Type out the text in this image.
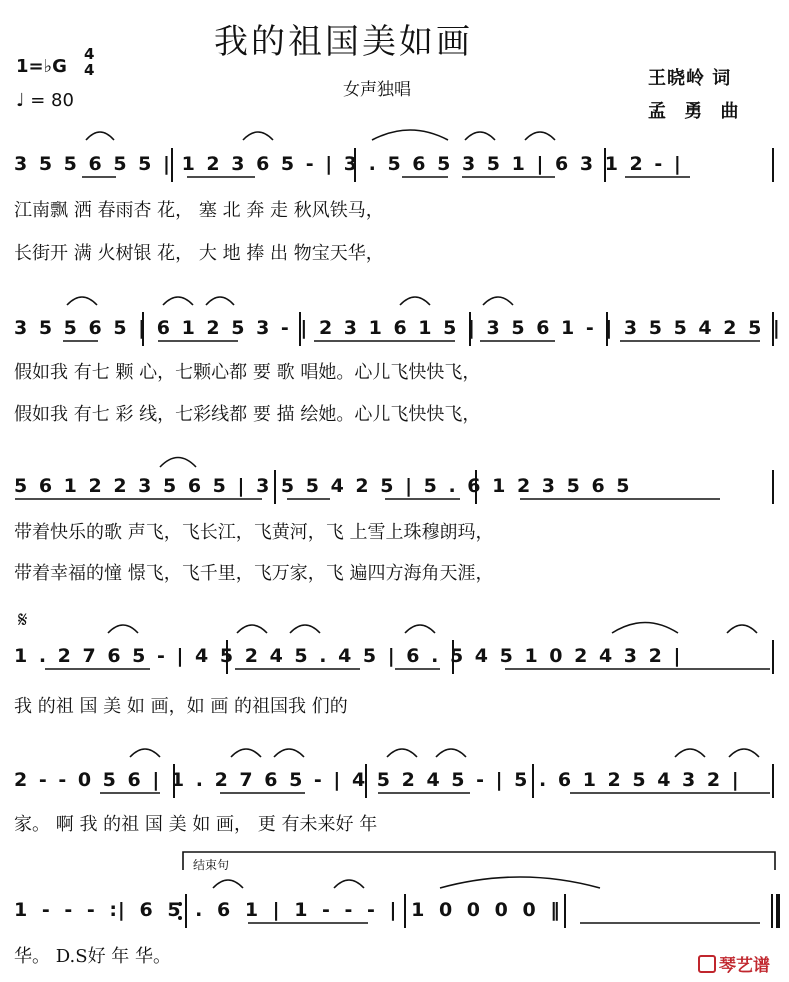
我的祖国美如画
女声独唱
1=♭G
4
4
♩ = 80
王晓岭 词
孟 勇 曲
3 5 5 6 5 5 | 1 2 3 6 5 - | 3 . 5 6 5 3 5 1 | 6 3 1 2 - |
江南飘 洒 春雨杏 花， 塞 北 奔 走 秋风铁马，
长街开 满 火树银 花， 大 地 捧 出 物宝天华，
3 5 5 6 5 | 6 1 2 5 3 - | 2 3 1 6 1 5 | 3 5 6 1 - | 3 5 5 4 2 5 |
假如我 有七 颗 心，七颗心都 要 歌 唱她。心儿飞快快飞，
假如我 有七 彩 线，七彩线都 要 描 绘她。心儿飞快快飞，
5 6 1 2 2 3 5 6 5 | 3 5 5 4 2 5 | 5 . 6 1 2 3 5 6 5
带着快乐的歌 声飞，飞长江，飞黄河，飞 上雪上珠穆朗玛，
带着幸福的憧 憬飞，飞千里，飞万家，飞 遍四方海角天涯，
𝄋
1 . 2 7 6 5 - | 4 5 2 4 5 . 4 5 | 6 . 5 4 5 1 0 2 4 3 2 |
我 的祖 国 美 如 画，如 画 的祖国我 们的
2 - - 0 5 6 | 1 . 2 7 6 5 - | 4 5 2 4 5 - | 5 . 6 1 2 5 4 3 2 |
家。 啊 我 的祖 国 美 如 画， 更 有未来好 年
结束句
1 - - - :| 6 5 . 6 1 | 1 - - - | 1 0 0 0 0 ‖
华。 D.S好 年 华。	琴艺谱
